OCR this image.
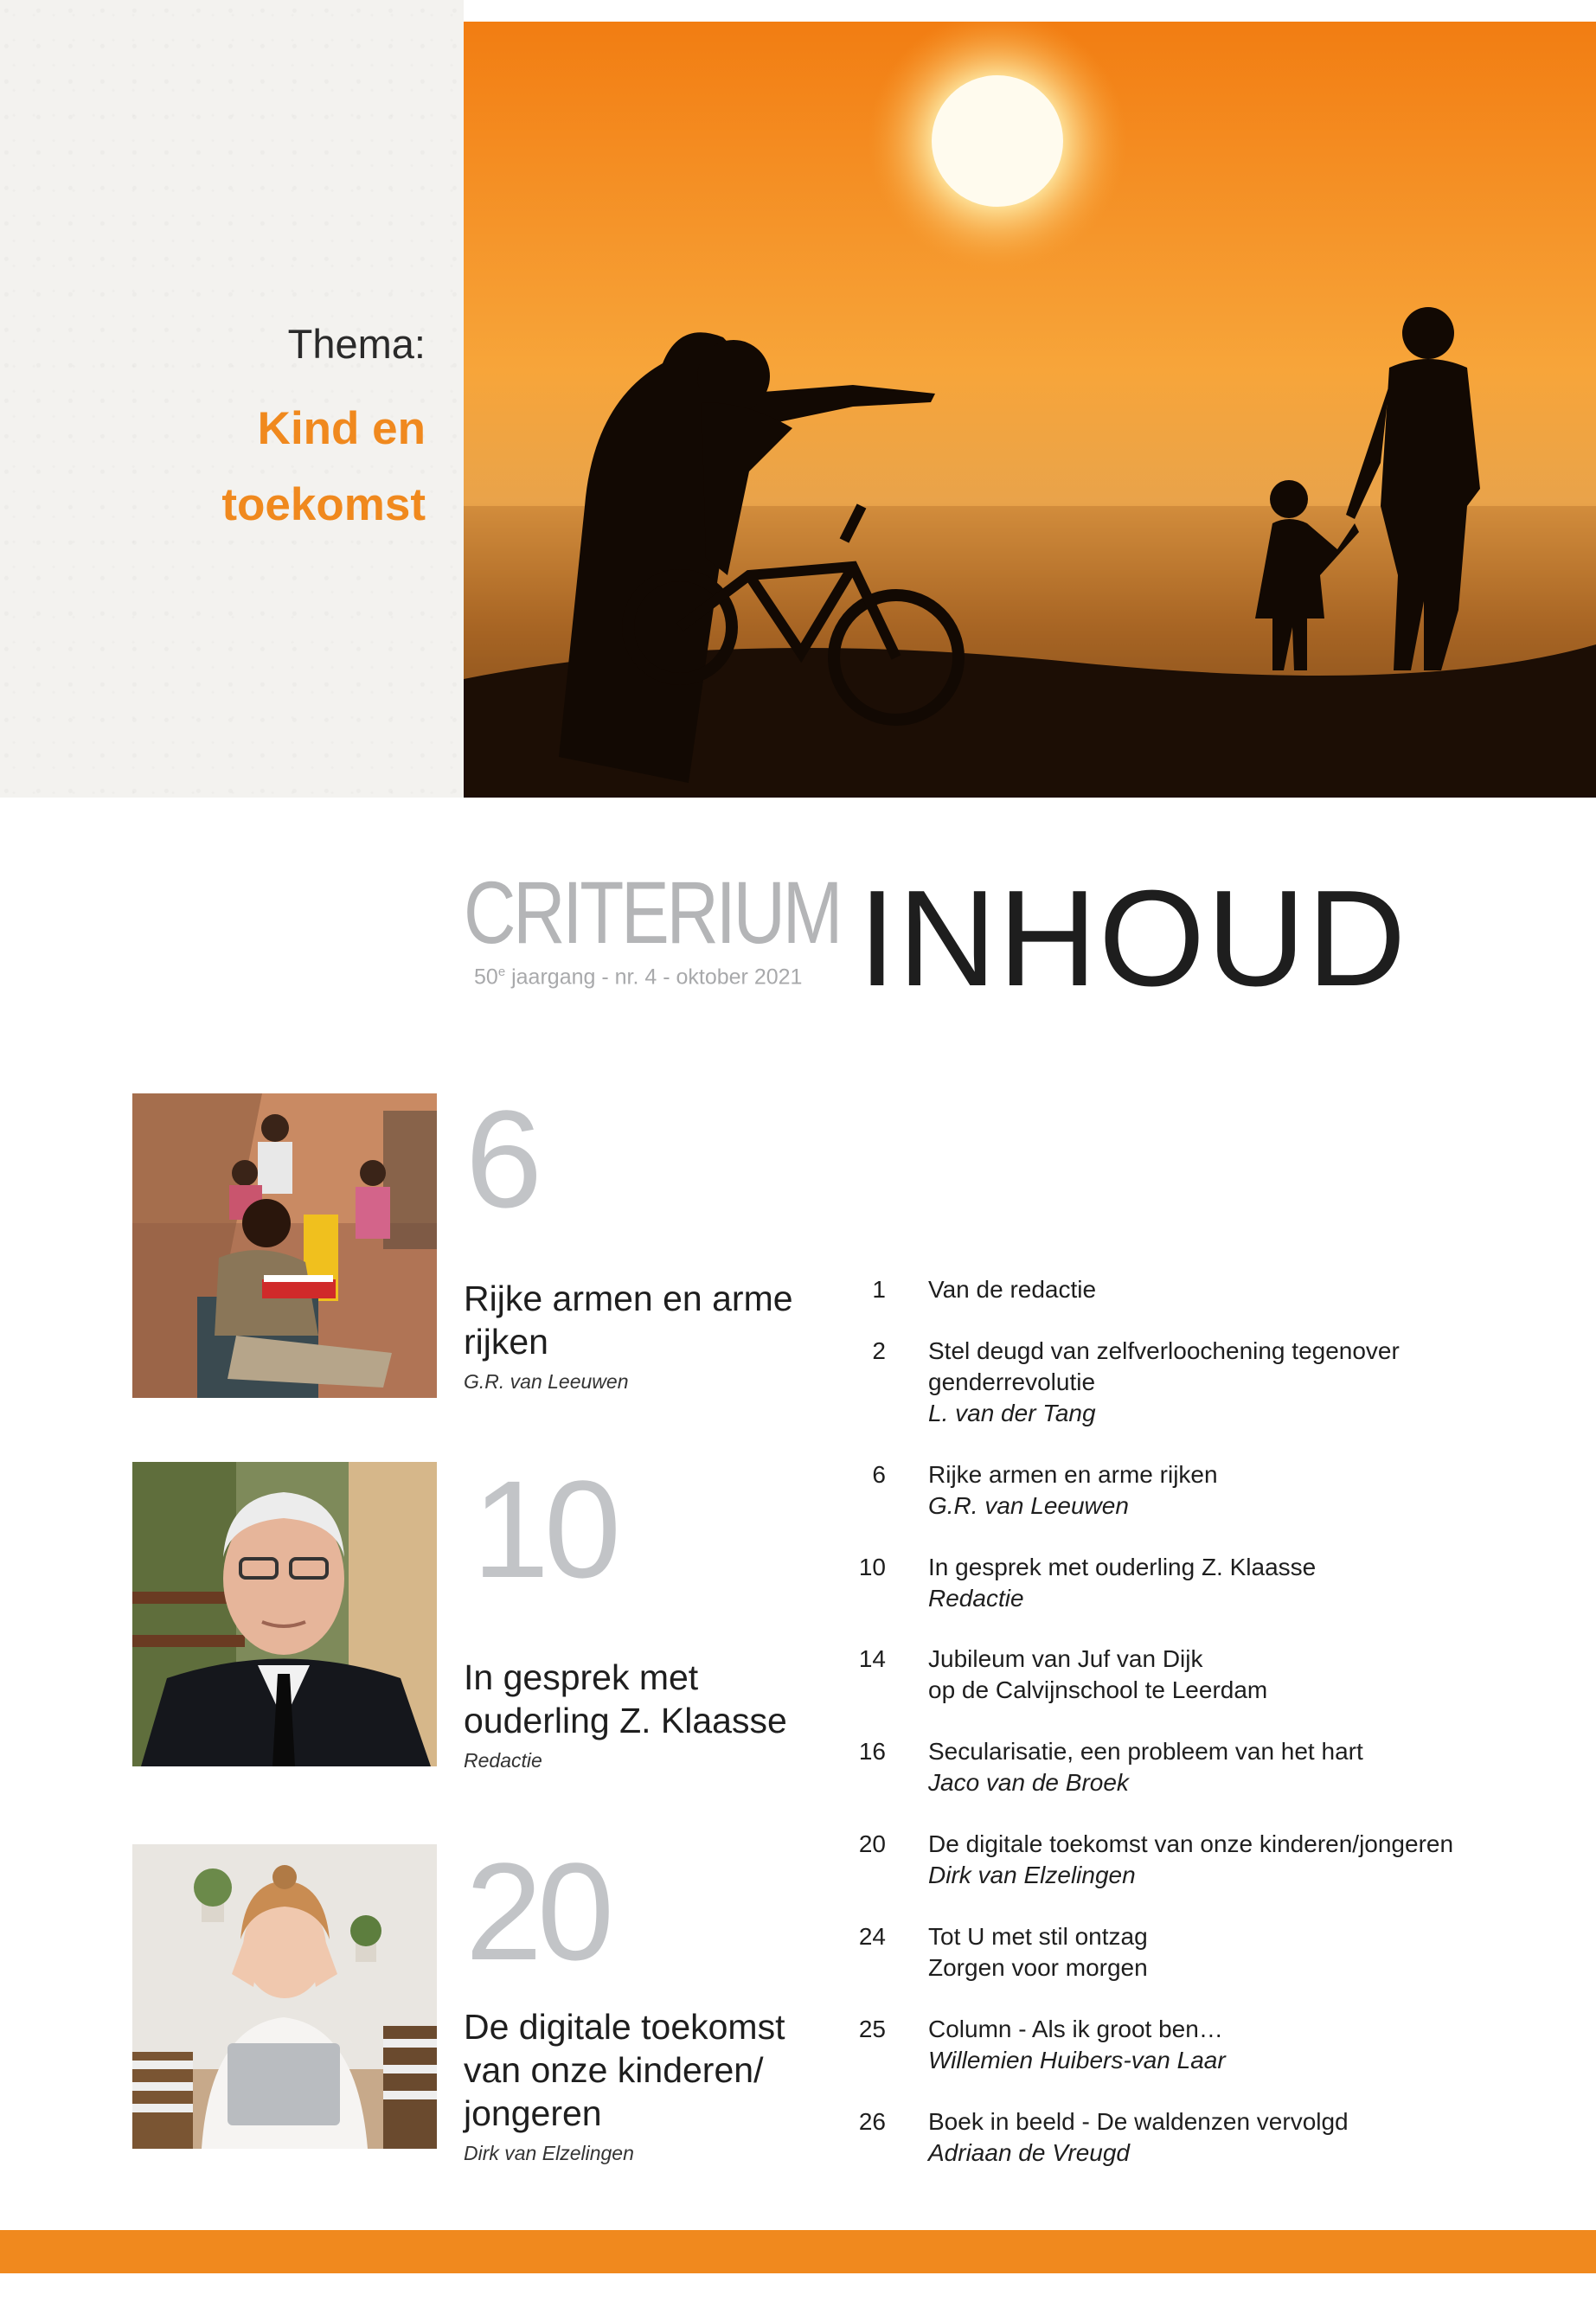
Thema:
Kind en
toekomst
CRITERIUM
50e jaargang - nr. 4 - oktober 2021 INHOUD
6
Rijke armen en arme rijken
G.R. van Leeuwen
10
In gesprek met ouderling Z. Klaasse
Redactie
20
De digitale toekomst van onze kinderen/ jongeren
Dirk van Elzelingen
1 Van de redactie
2 Stel deugd van zelfverloochening tegenover
genderrevolutie
L. van der Tang
6 Rijke armen en arme rijken
G.R. van Leeuwen
10 In gesprek met ouderling Z. Klaasse
Redactie
14 Jubileum van Juf van Dijk
op de Calvijnschool te Leerdam
16 Secularisatie, een probleem van het hart
Jaco van de Broek
20 De digitale toekomst van onze kinderen/jongeren
Dirk van Elzelingen
24 Tot U met stil ontzag
Zorgen voor morgen
25 Column - Als ik groot ben…
Willemien Huibers-van Laar
26 Boek in beeld - De waldenzen vervolgd
Adriaan de Vreugd
